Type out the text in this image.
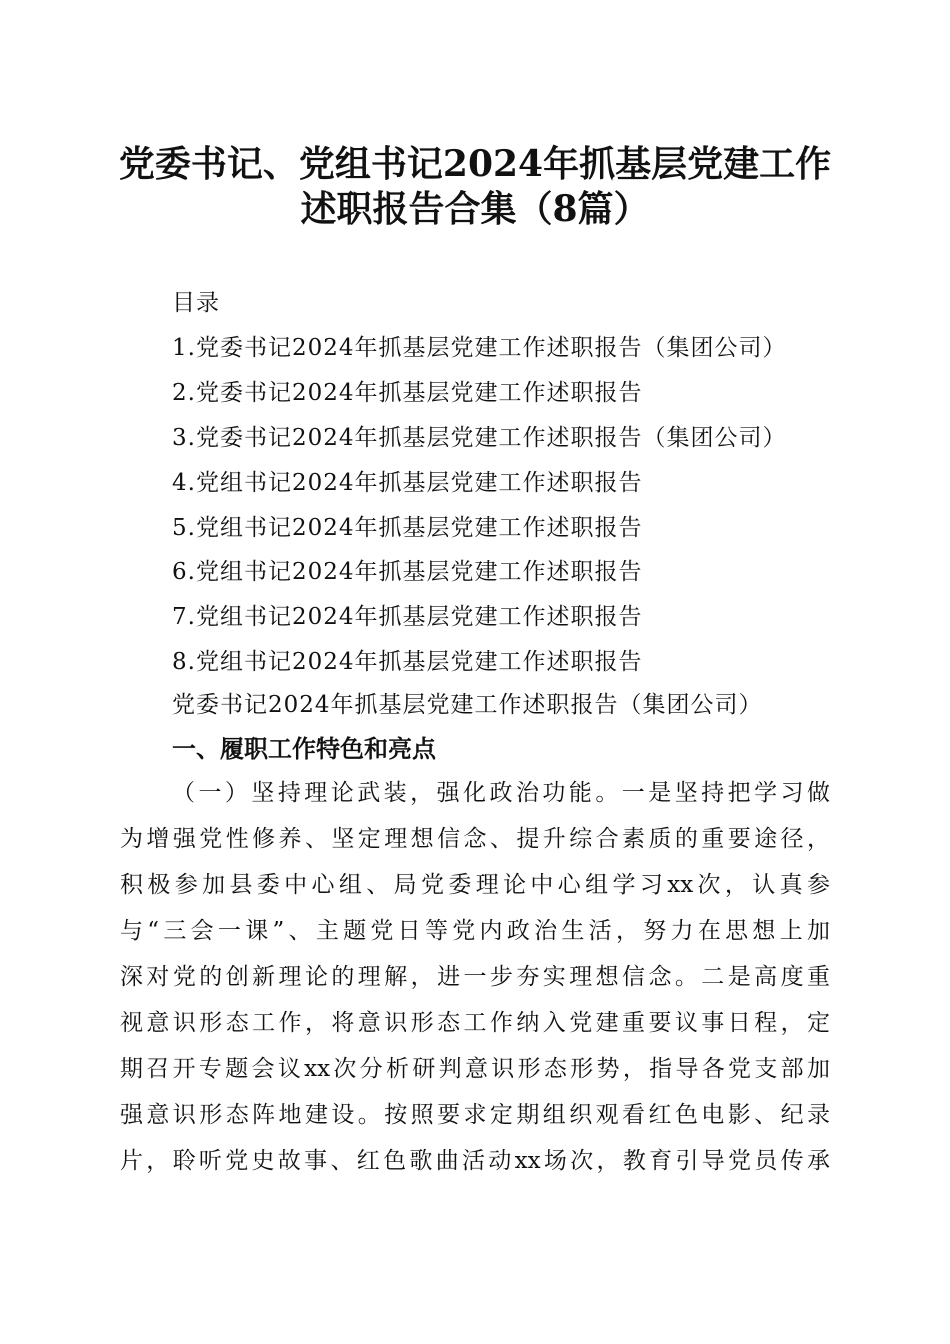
党委书记、党组书记2024年抓基层党建工作
述职报告合集（8篇）
目录
1.党委书记2024年抓基层党建工作述职报告（集团公司）
2.党委书记2024年抓基层党建工作述职报告
3.党委书记2024年抓基层党建工作述职报告（集团公司）
4.党组书记2024年抓基层党建工作述职报告
5.党组书记2024年抓基层党建工作述职报告
6.党组书记2024年抓基层党建工作述职报告
7.党组书记2024年抓基层党建工作述职报告
8.党组书记2024年抓基层党建工作述职报告
党委书记2024年抓基层党建工作述职报告（集团公司）
一、履职工作特色和亮点
（一）坚持理论武装，强化政治功能。一是坚持把学习做
为增强党性修养、坚定理想信念、提升综合素质的重要途径，
积极参加县委中心组、局党委理论中心组学习xx次，认真参
与“三会一课”、主题党日等党内政治生活，努力在思想上加
深对党的创新理论的理解，进一步夯实理想信念。二是高度重
视意识形态工作，将意识形态工作纳入党建重要议事日程，定
期召开专题会议xx次分析研判意识形态形势，指导各党支部加
强意识形态阵地建设。按照要求定期组织观看红色电影、纪录
片，聆听党史故事、红色歌曲活动xx场次，教育引导党员传承
